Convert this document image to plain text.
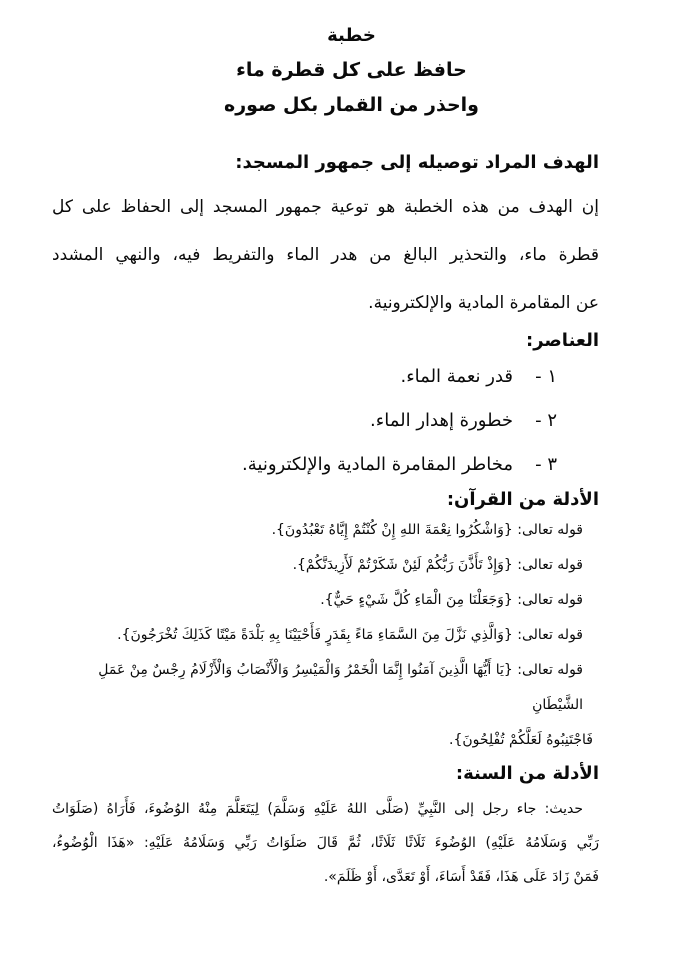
خطبة
حافظ على كل قطرة ماء
واحذر من القمار بكل صوره
الهدف المراد توصيله إلى جمهور المسجد:
إن الهدف من هذه الخطبة هو توعية جمهور المسجد إلى الحفاظ على كل
قطرة ماء، والتحذير البالغ من هدر الماء والتفريط فيه، والنهي المشدد
عن المقامرة المادية والإلكترونية.
العناصر:
١ -
قدر نعمة الماء.
٢ -
خطورة إهدار الماء.
٣ -
مخاطر المقامرة المادية والإلكترونية.
الأدلة من القرآن:
قوله تعالى: {وَاشْكُرُوا نِعْمَةَ اللهِ إِنْ كُنْتُمْ إِيَّاهُ تَعْبُدُونَ}.
قوله تعالى: {وَإِذْ تَأَذَّنَ رَبُّكُمْ لَئِنْ شَكَرْتُمْ لَأَزِيدَنَّكُمْ}.
قوله تعالى: {وَجَعَلْنَا مِنَ الْمَاءِ كُلَّ شَيْءٍ حَيٌّ}.
قوله تعالى: {وَالَّذِي نَزَّلَ مِنَ السَّمَاءِ مَاءً بِقَدَرٍ فَأَحْيَيْنَا بِهِ بَلْدَةً مَيْتًا كَذَلِكَ تُخْرَجُونَ}.
قوله تعالى: {يَا أَيُّهَا الَّذِينَ آمَنُوا إِنَّمَا الْخَمْرُ وَالْمَيْسِرُ وَالْأَنْصَابُ وَالْأَزْلَامُ رِجْسٌ مِنْ عَمَلِ الشَّيْطَانِ
فَاجْتَنِبُوهُ لَعَلَّكُمْ تُفْلِحُونَ}.
الأدلة من السنة:
حديث: جاء رجل إلى النَّبِيِّ (صَلَّى اللهُ عَلَيْهِ وَسَلَّمَ) لِيَتَعَلَّمَ مِنْهُ الوُضُوءَ، فَأَرَاهُ (صَلَوَاتُ
رَبِّي وَسَلَامُهُ عَلَيْهِ) الوُضُوءَ ثَلَاثًا ثَلَاثًا، ثُمَّ قَالَ صَلَوَاتُ رَبِّي وَسَلَامُهُ عَلَيْهِ: «هَذَا الْوُضُوءُ،
فَمَنْ زَادَ عَلَى هَذَا، فَقَدْ أَسَاءَ، أَوْ تَعَدَّى، أَوْ ظَلَمَ».
